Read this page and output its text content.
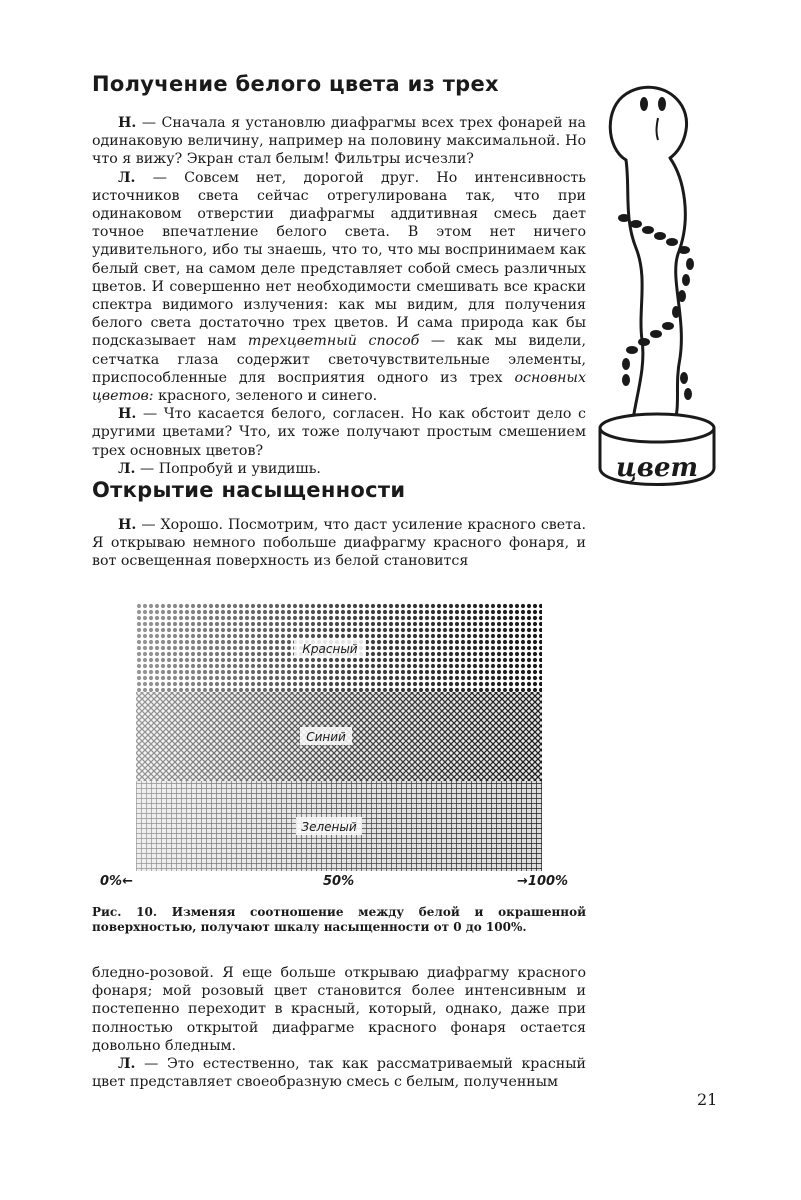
Получение белого цвета из трех

Н. — Сначала я установлю диафрагмы всех трех фонарей на одинаковую величину, например на половину максимальной. Но что я вижу? Экран стал белым! Фильтры исчезли?

Л. — Совсем нет, дорогой друг. Но интенсивность источников света сейчас отрегулирована так, что при одинаковом отверстии диафрагмы аддитивная смесь дает точное впечатление белого света. В этом нет ничего удивительного, ибо ты знаешь, что то, что мы воспринимаем как белый свет, на самом деле представляет собой смесь различных цветов. И совершенно нет необходимости смешивать все краски спектра видимого излучения: как мы видим, для получения белого света достаточно трех цветов. И сама природа как бы подсказывает нам трехцветный способ — как мы видели, сетчатка глаза содержит светочувствительные элементы, приспособленные для восприятия одного из трех основных цветов: красного, зеленого и синего.

Н. — Что касается белого, согласен. Но как обстоит дело с другими цветами? Что, их тоже получают простым смешением трех основных цветов?

Л. — Попробуй и увидишь.	цвет
Открытие насыщенности

Н. — Хорошо. Посмотрим, что даст усиление красного света. Я открываю немного побольше диафрагму красного фонаря, и вот освещенная поверхность из белой становится

Красный
Синий
Зеленый
0%←	50%	→100%

Рис. 10. Изменяя соотношение между белой и окрашенной поверхностью, получают шкалу насыщенности от 0 до 100%.

бледно-розовой. Я еще больше открываю диафрагму красного фонаря; мой розовый цвет становится более интенсивным и постепенно переходит в красный, который, однако, даже при полностью открытой диафрагме красного фонаря остается довольно бледным.

Л. — Это естественно, так как рассматриваемый красный цвет представляет своеобразную смесь с белым, полученным

21
